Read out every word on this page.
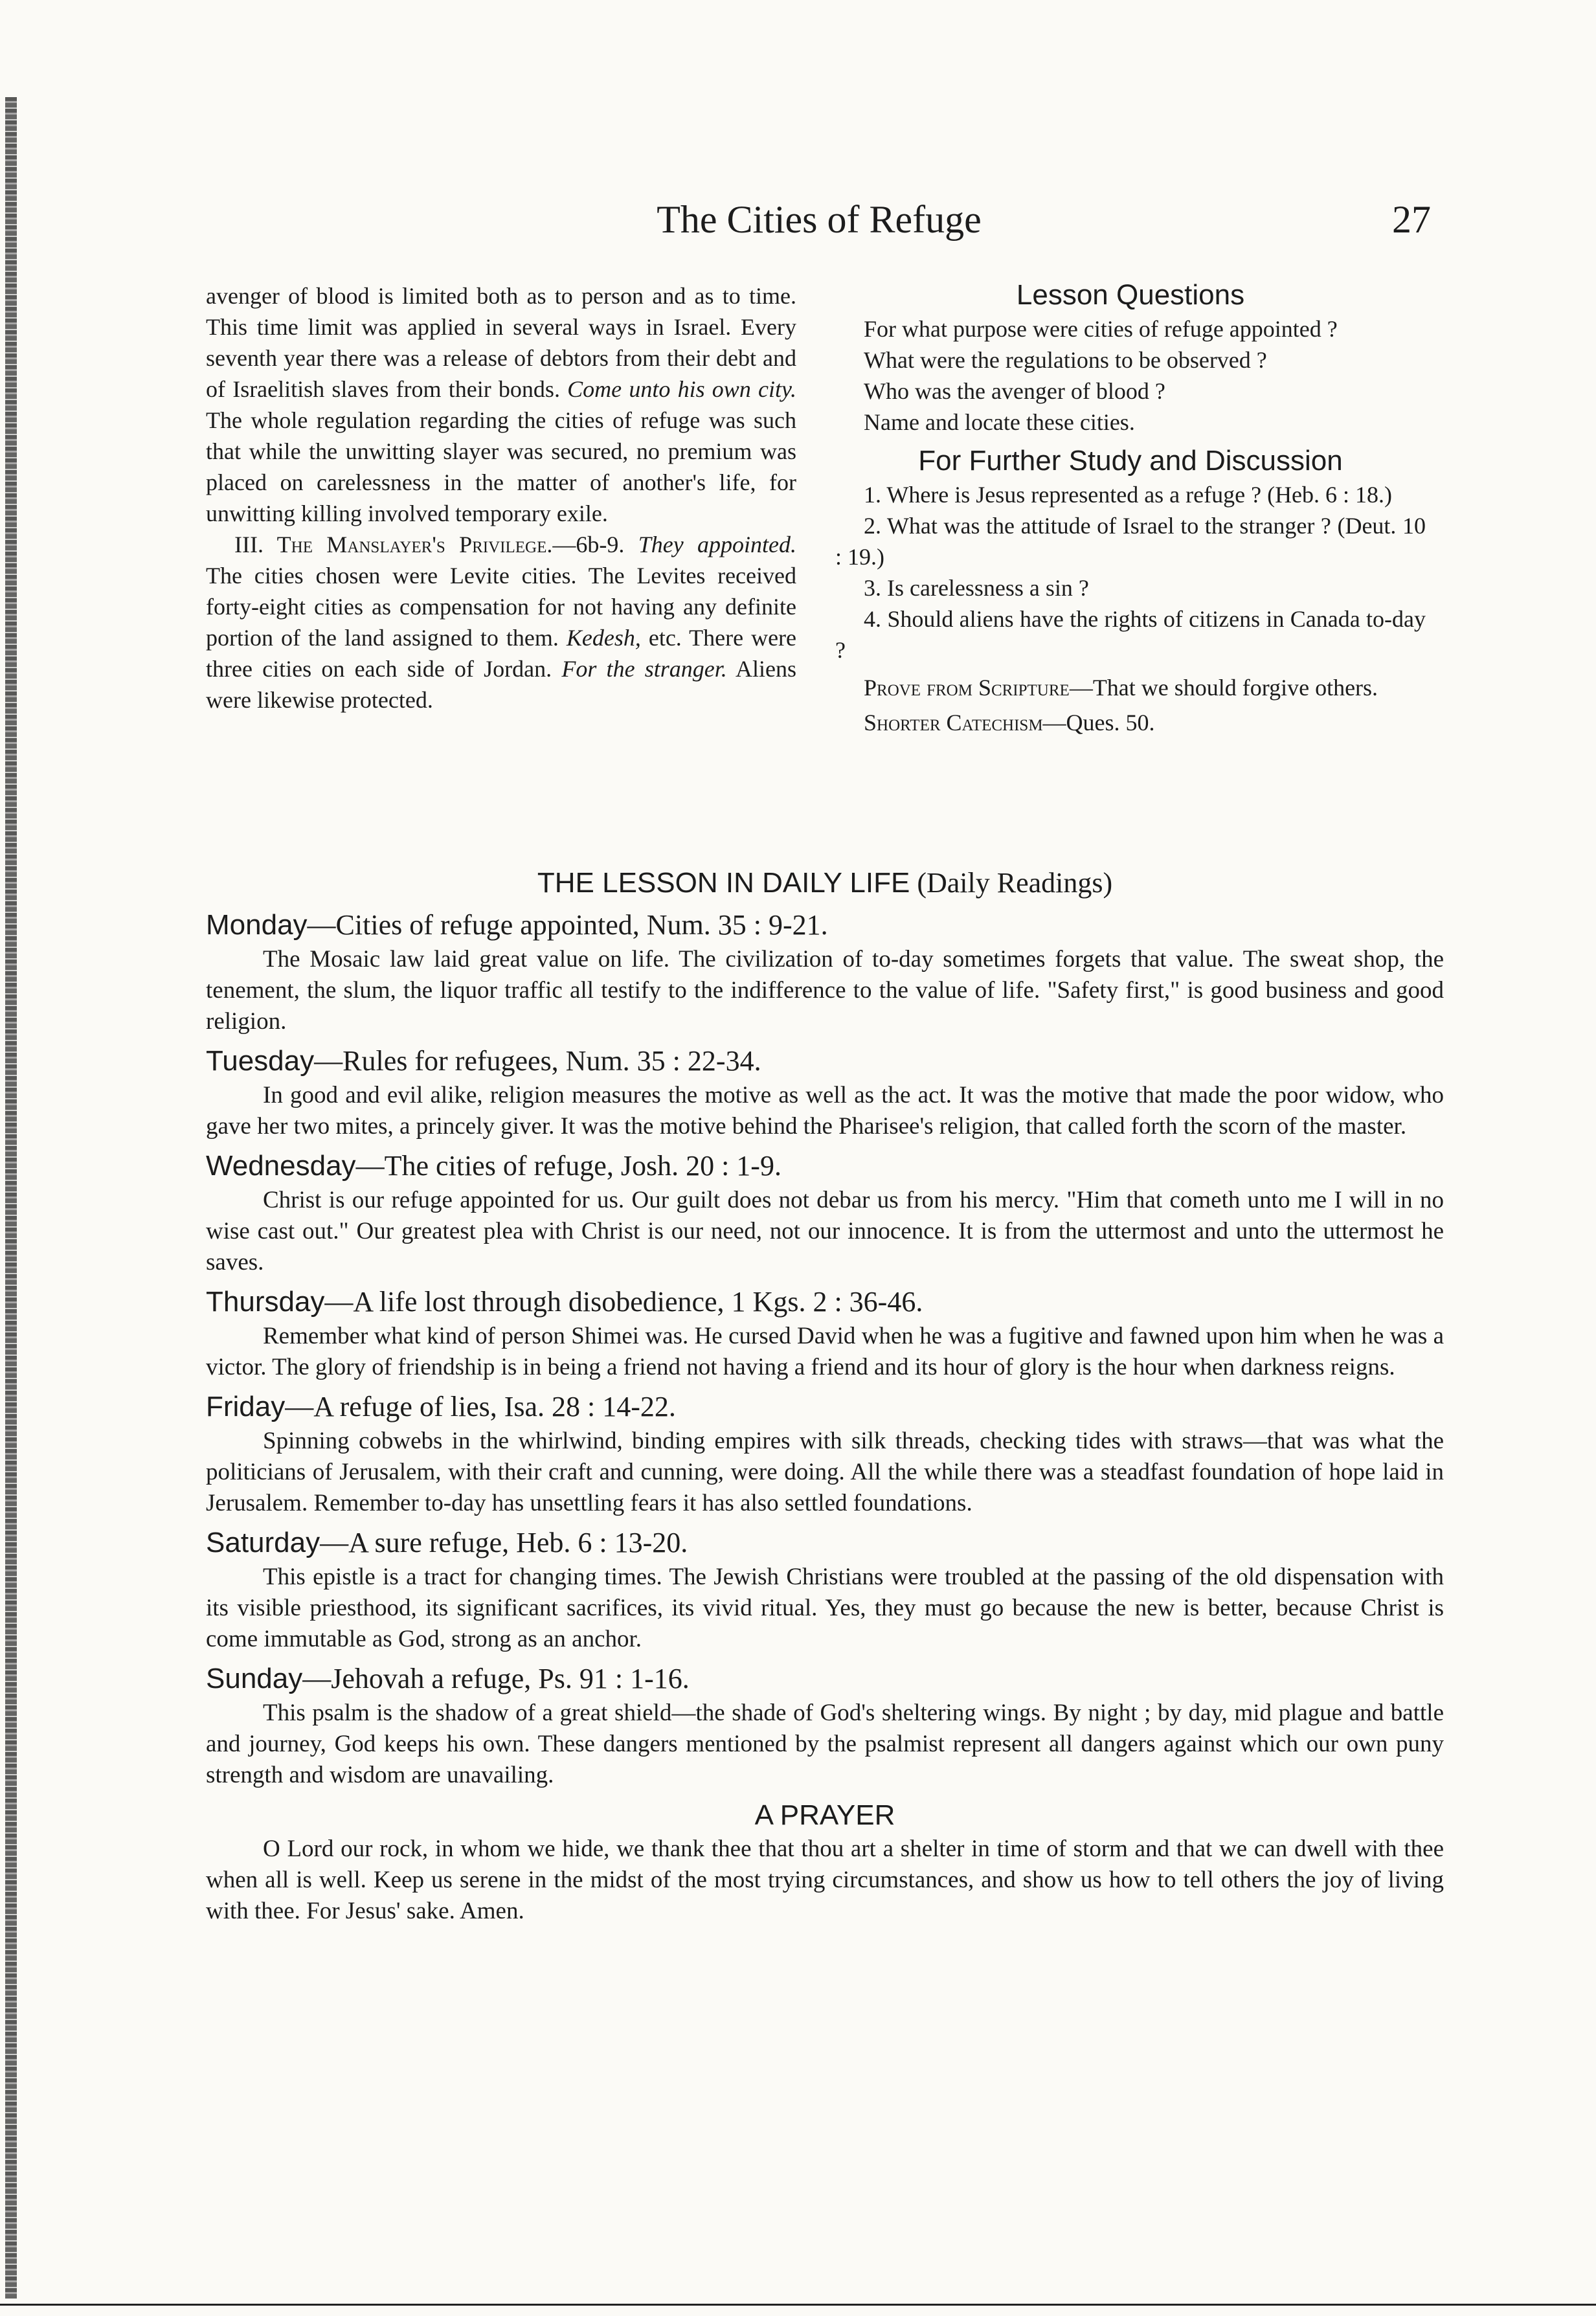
The Cities of Refuge	27

avenger of blood is limited both as to person and as to time. This time limit was applied in several ways in Israel. Every seventh year there was a release of debtors from their debt and of Israelitish slaves from their bonds. Come unto his own city. The whole regulation regarding the cities of refuge was such that while the unwitting slayer was secured, no premium was placed on carelessness in the matter of another's life, for unwitting killing involved temporary exile.

III. The Manslayer's Privilege.—6b-9. They appointed. The cities chosen were Levite cities. The Levites received forty-eight cities as compensation for not having any definite portion of the land assigned to them. Kedesh, etc. There were three cities on each side of Jordan. For the stranger. Aliens were likewise protected.

Lesson Questions

For what purpose were cities of refuge appointed ?

What were the regulations to be observed ?

Who was the avenger of blood ?

Name and locate these cities.

For Further Study and Discussion

1. Where is Jesus represented as a refuge ? (Heb. 6 : 18.)

2. What was the attitude of Israel to the stranger ? (Deut. 10 : 19.)

3. Is carelessness a sin ?

4. Should aliens have the rights of citizens in Canada to-day ?

Prove from Scripture—That we should forgive others.

Shorter Catechism—Ques. 50.

THE LESSON IN DAILY LIFE (Daily Readings)
Monday—Cities of refuge appointed, Num. 35 : 9-21.

The Mosaic law laid great value on life. The civilization of to-day sometimes forgets that value. The sweat shop, the tenement, the slum, the liquor traffic all testify to the indifference to the value of life. "Safety first," is good business and good religion.

Tuesday—Rules for refugees, Num. 35 : 22-34.

In good and evil alike, religion measures the motive as well as the act. It was the motive that made the poor widow, who gave her two mites, a princely giver. It was the motive behind the Pharisee's religion, that called forth the scorn of the master.

Wednesday—The cities of refuge, Josh. 20 : 1-9.

Christ is our refuge appointed for us. Our guilt does not debar us from his mercy. "Him that cometh unto me I will in no wise cast out." Our greatest plea with Christ is our need, not our innocence. It is from the uttermost and unto the uttermost he saves.

Thursday—A life lost through disobedience, 1 Kgs. 2 : 36-46.

Remember what kind of person Shimei was. He cursed David when he was a fugitive and fawned upon him when he was a victor. The glory of friendship is in being a friend not having a friend and its hour of glory is the hour when darkness reigns.

Friday—A refuge of lies, Isa. 28 : 14-22.

Spinning cobwebs in the whirlwind, binding empires with silk threads, checking tides with straws—that was what the politicians of Jerusalem, with their craft and cunning, were doing. All the while there was a steadfast foundation of hope laid in Jerusalem. Remember to-day has unsettling fears it has also settled foundations.

Saturday—A sure refuge, Heb. 6 : 13-20.

This epistle is a tract for changing times. The Jewish Christians were troubled at the passing of the old dispensation with its visible priesthood, its significant sacrifices, its vivid ritual. Yes, they must go because the new is better, because Christ is come immutable as God, strong as an anchor.

Sunday—Jehovah a refuge, Ps. 91 : 1-16.

This psalm is the shadow of a great shield—the shade of God's sheltering wings. By night ; by day, mid plague and battle and journey, God keeps his own. These dangers mentioned by the psalmist represent all dangers against which our own puny strength and wisdom are unavailing.

A PRAYER

O Lord our rock, in whom we hide, we thank thee that thou art a shelter in time of storm and that we can dwell with thee when all is well. Keep us serene in the midst of the most trying circumstances, and show us how to tell others the joy of living with thee. For Jesus' sake. Amen.
